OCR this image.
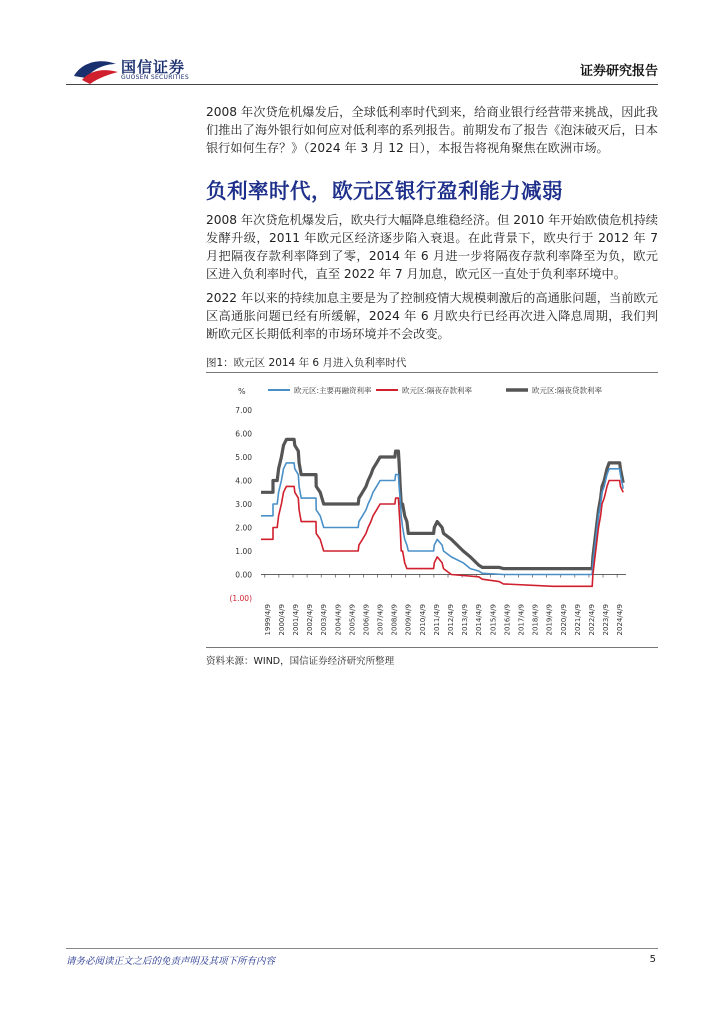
国信证券
GUOSEN SECURITIES	证券研究报告
2008 年次贷危机爆发后，全球低利率时代到来，给商业银行经营带来挑战，因此我们推出了海外银行如何应对低利率的系列报告。前期发布了报告《泡沫破灭后，日本银行如何生存？》（2024 年 3 月 12 日），本报告将视角聚焦在欧洲市场。
负利率时代，欧元区银行盈利能力减弱
2008 年次贷危机爆发后，欧央行大幅降息维稳经济。但 2010 年开始欧债危机持续发酵升级，2011 年欧元区经济逐步陷入衰退。在此背景下，欧央行于 2012 年 7 月把隔夜存款利率降到了零，2014 年 6 月进一步将隔夜存款利率降至为负，欧元区进入负利率时代，直至 2022 年 7 月加息，欧元区一直处于负利率环境中。
2022 年以来的持续加息主要是为了控制疫情大规模刺激后的高通胀问题，当前欧元区高通胀问题已经有所缓解，2024 年 6 月欧央行已经再次进入降息周期，我们判断欧元区长期低利率的市场环境并不会改变。
图1：欧元区 2014 年 6 月进入负利率时代
%	欧元区:主要再融资利率	欧元区:隔夜存款利率	欧元区:隔夜贷款利率
7.00
6.00
5.00
4.00
3.00
2.00
1.00
0.00
(1.00)
1999/4/9 2000/4/9 2001/4/9 2002/4/9 2003/4/9 2004/4/9 2005/4/9 2006/4/9 2007/4/9 2008/4/9 2009/4/9 2010/4/9 2011/4/9 2012/4/9 2013/4/9 2014/4/9 2015/4/9 2016/4/9 2017/4/9 2018/4/9 2019/4/9 2020/4/9 2021/4/9 2022/4/9 2023/4/9 2024/4/9
资料来源：WIND，国信证券经济研究所整理
请务必阅读正文之后的免责声明及其项下所有内容	5
